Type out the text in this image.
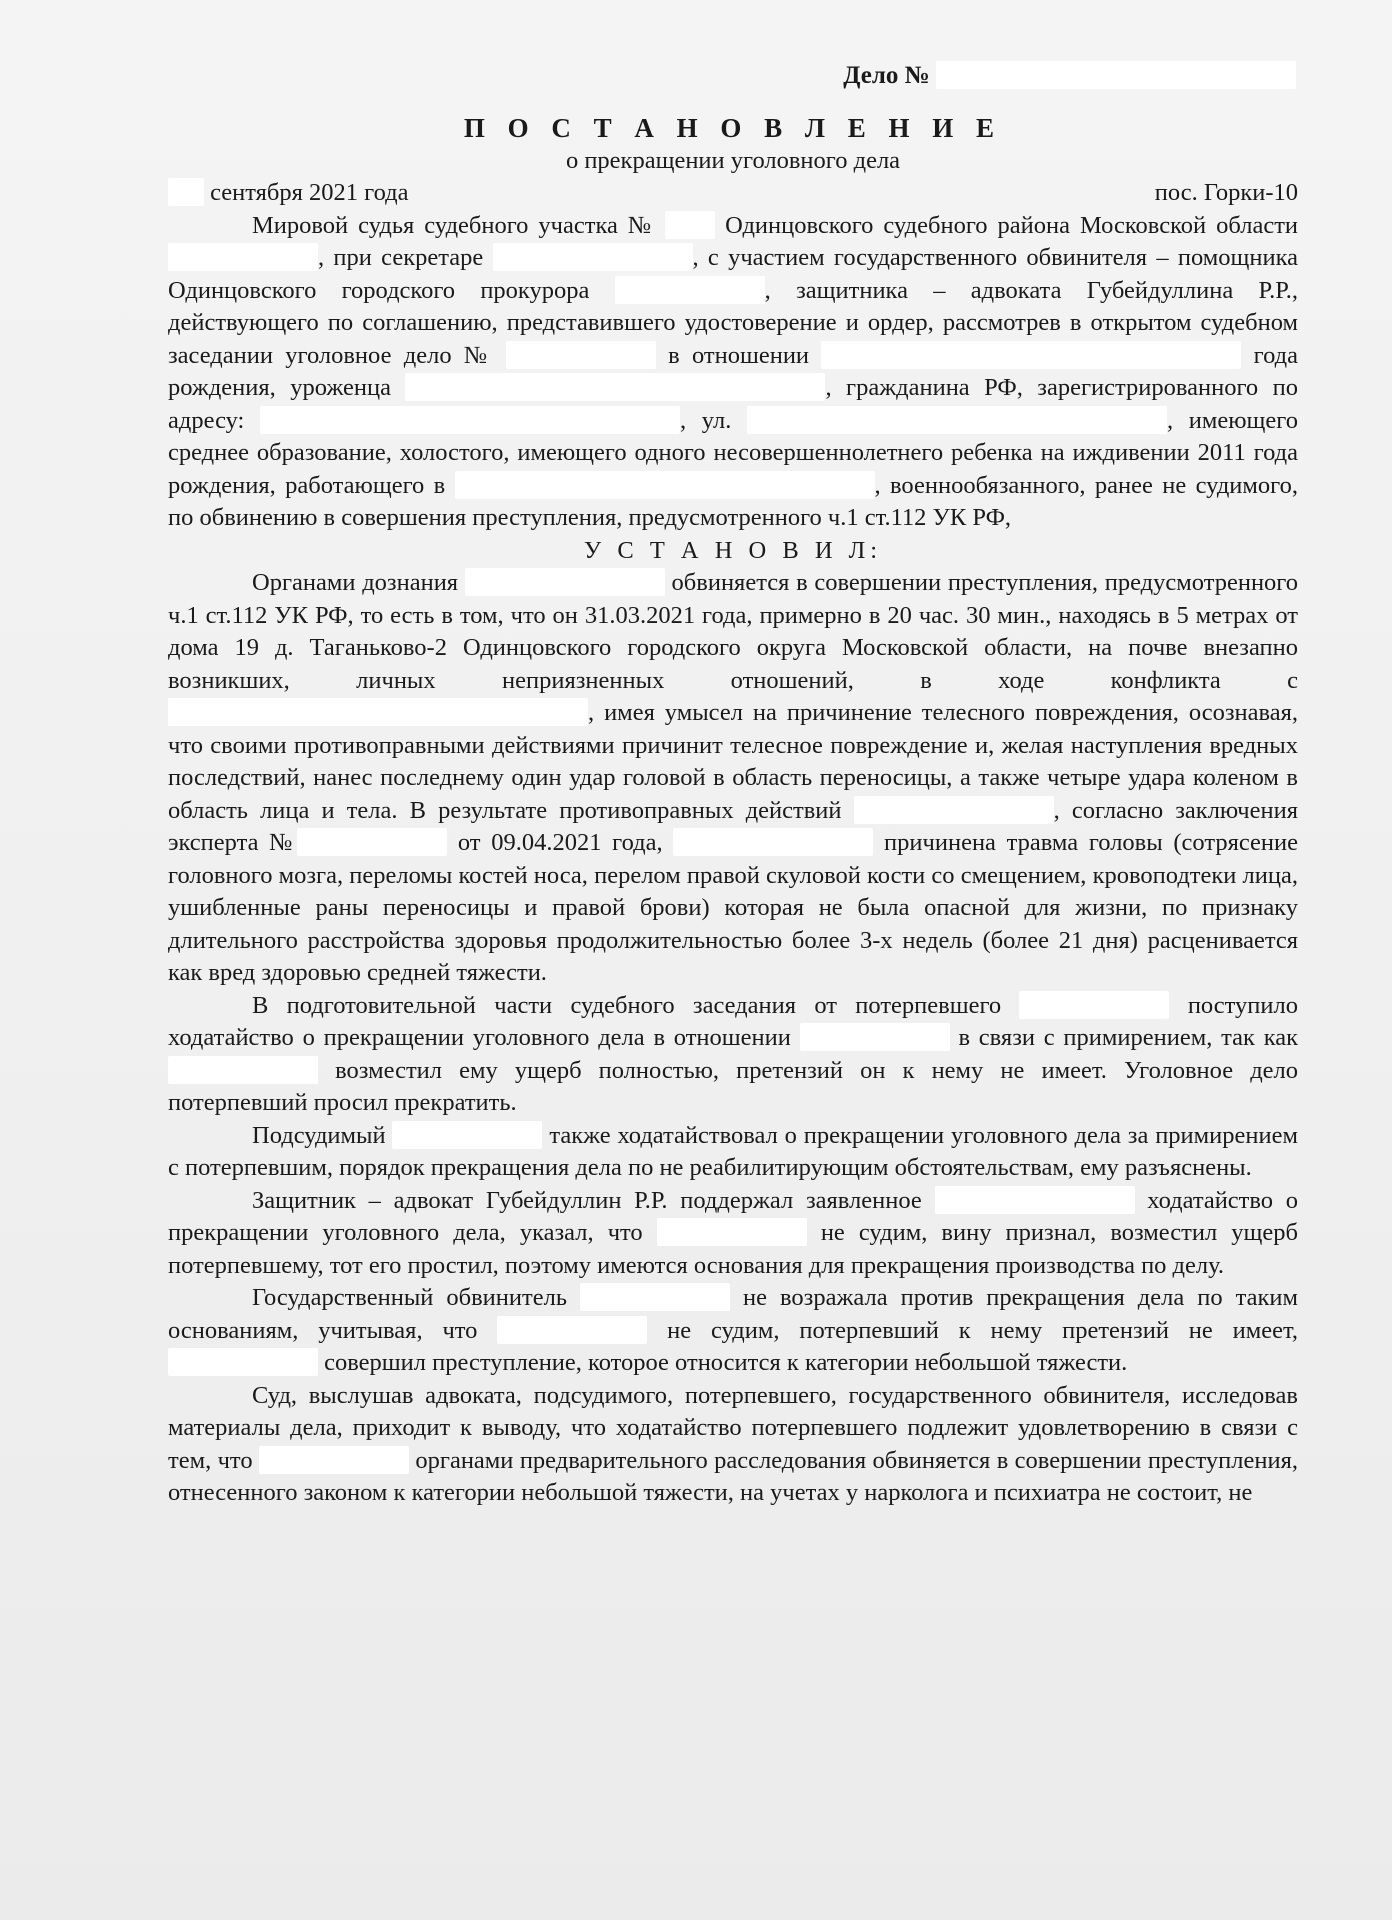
Дело №
П О С Т А Н О В Л Е Н И Е
о прекращении уголовного дела
сентября 2021 года	пос. Горки-10

Мировой судья судебного участка №	Одинцовского судебного района Московской области , при секретаре	, с участием государственного обвинителя – помощника Одинцовского городского прокурора	, защитника – адвоката Губейдуллина Р.Р., действующего по соглашению, представившего удостоверение и ордер, рассмотрев в открытом судебном заседании уголовное дело №	в отношении	года рождения, уроженца	, гражданина РФ, зарегистрированного по адресу:	, ул.	, имеющего среднее образование, холостого, имеющего одного несовершеннолетнего ребенка на иждивении 2011 года рождения, работающего в	, военнообязанного, ранее не судимого, по обвинению в совершения преступления, предусмотренного ч.1 ст.112 УК РФ,

У С Т А Н О В И Л:

Органами дознания	обвиняется в совершении преступления, предусмотренного ч.1 ст.112 УК РФ, то есть в том, что он 31.03.2021 года, примерно в 20 час. 30 мин., находясь в 5 метрах от дома 19 д. Таганьково-2 Одинцовского городского округа Московской области, на почве внезапно возникших, личных неприязненных отношений, в ходе конфликта с , имея умысел на причинение телесного повреждения, осознавая, что своими противоправными действиями причинит телесное повреждение и, желая наступления вредных последствий, нанес последнему один удар головой в область переносицы, а также четыре удара коленом в область лица и тела. В результате противоправных действий	, согласно заключения эксперта №	от 09.04.2021 года,	причинена травма головы (сотрясение головного мозга, переломы костей носа, перелом правой скуловой кости со смещением, кровоподтеки лица, ушибленные раны переносицы и правой брови) которая не была опасной для жизни, по признаку длительного расстройства здоровья продолжительностью более 3-х недель (более 21 дня) расценивается как вред здоровью средней тяжести.

В подготовительной части судебного заседания от потерпевшего	поступило ходатайство о прекращении уголовного дела в отношении	в связи с примирением, так как возместил ему ущерб полностью, претензий он к нему не имеет. Уголовное дело потерпевший просил прекратить.

Подсудимый	также ходатайствовал о прекращении уголовного дела за примирением с потерпевшим, порядок прекращения дела по не реабилитирующим обстоятельствам, ему разъяснены.

Защитник – адвокат Губейдуллин Р.Р. поддержал заявленное	ходатайство о прекращении уголовного дела, указал, что	не судим, вину признал, возместил ущерб потерпевшему, тот его простил, поэтому имеются основания для прекращения производства по делу.

Государственный обвинитель	не возражала против прекращения дела по таким основаниям, учитывая, что	не судим, потерпевший к нему претензий не имеет,  совершил преступление, которое относится к категории небольшой тяжести.

Суд, выслушав адвоката, подсудимого, потерпевшего, государственного обвинителя, исследовав материалы дела, приходит к выводу, что ходатайство потерпевшего подлежит удовлетворению в связи с тем, что	органами предварительного расследования обвиняется в совершении преступления, отнесенного законом к категории небольшой тяжести, на учетах у нарколога и психиатра не состоит, не
